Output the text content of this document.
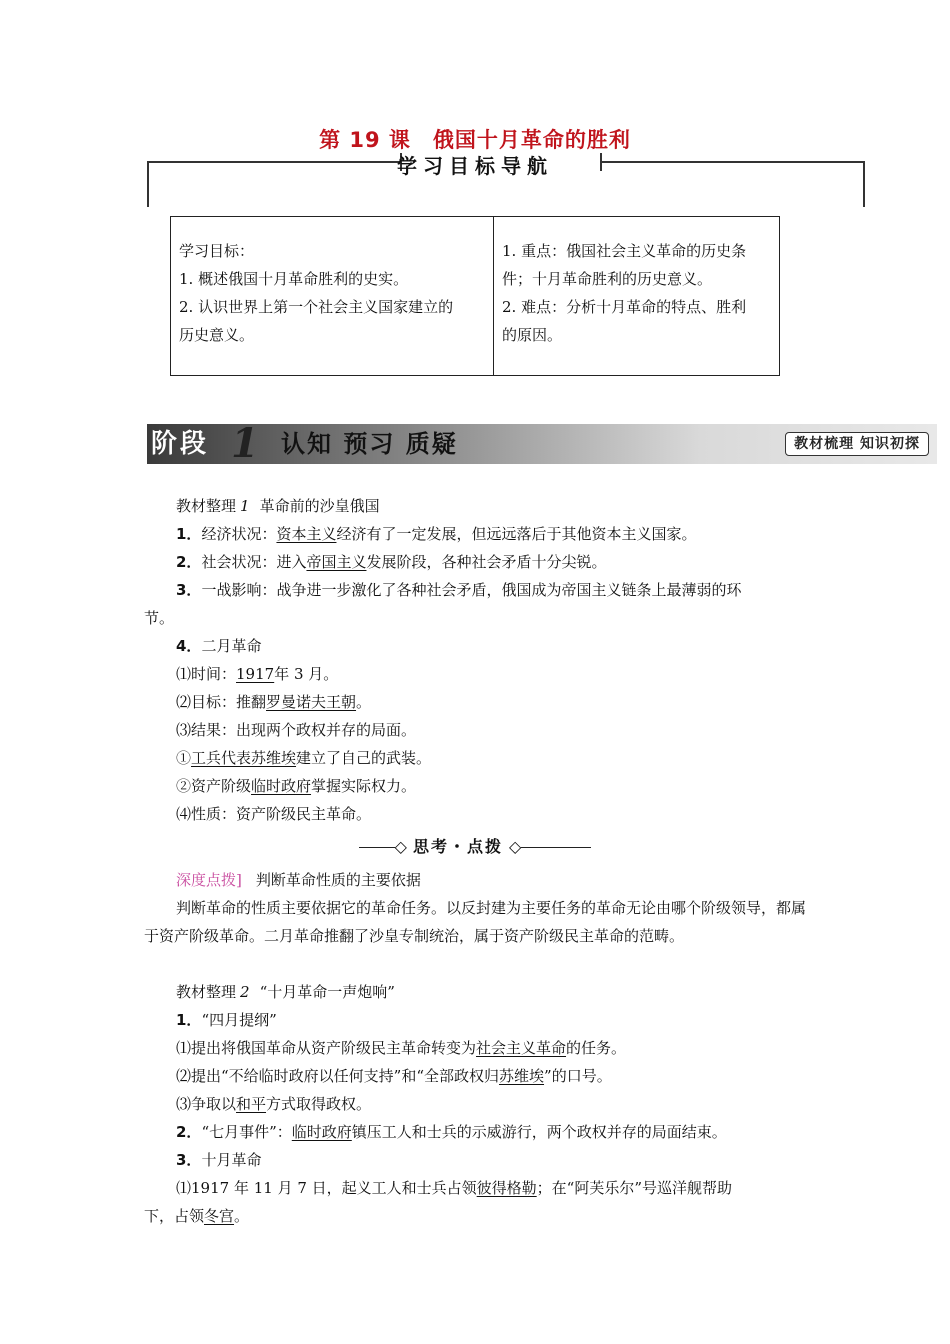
第 19 课　俄国十月革命的胜利
学习目标导航

学习目标：

1. 概述俄国十月革命胜利的史实。

2. 认识世界上第一个社会主义国家建立的

历史意义。

1. 重点：俄国社会主义革命的历史条

件；十月革命胜利的历史意义。

2. 难点：分析十月革命的特点、胜利

的原因。

阶段 1 认知 预习 质疑	教材梳理 知识初探
教材整理 1 革命前的沙皇俄国
1．经济状况：资本主义经济有了一定发展，但远远落后于其他资本主义国家。
2．社会状况：进入帝国主义发展阶段，各种社会矛盾十分尖锐。
3．一战影响：战争进一步激化了各种社会矛盾，俄国成为帝国主义链条上最薄弱的环
节。
4．二月革命
⑴时间：1917年 3 月。
⑵目标：推翻罗曼诺夫王朝。
⑶结果：出现两个政权并存的局面。
①工兵代表苏维埃建立了自己的武装。
②资产阶级临时政府掌握实际权力。
⑷性质：资产阶级民主革命。
◇ 思考・点拨 ◇
深度点拨] 判断革命性质的主要依据
判断革命的性质主要依据它的革命任务。以反封建为主要任务的革命无论由哪个阶级领导，都属于资产阶级革命。二月革命推翻了沙皇专制统治，属于资产阶级民主革命的范畴。
教材整理 2 “十月革命一声炮响”
1．“四月提纲”
⑴提出将俄国革命从资产阶级民主革命转变为社会主义革命的任务。
⑵提出“不给临时政府以任何支持”和“全部政权归苏维埃”的口号。
⑶争取以和平方式取得政权。
2．“七月事件”：临时政府镇压工人和士兵的示威游行，两个政权并存的局面结束。
3．十月革命
⑴1917 年 11 月 7 日，起义工人和士兵占领彼得格勒；在“阿芙乐尔”号巡洋舰帮助
下，占领冬宫。
